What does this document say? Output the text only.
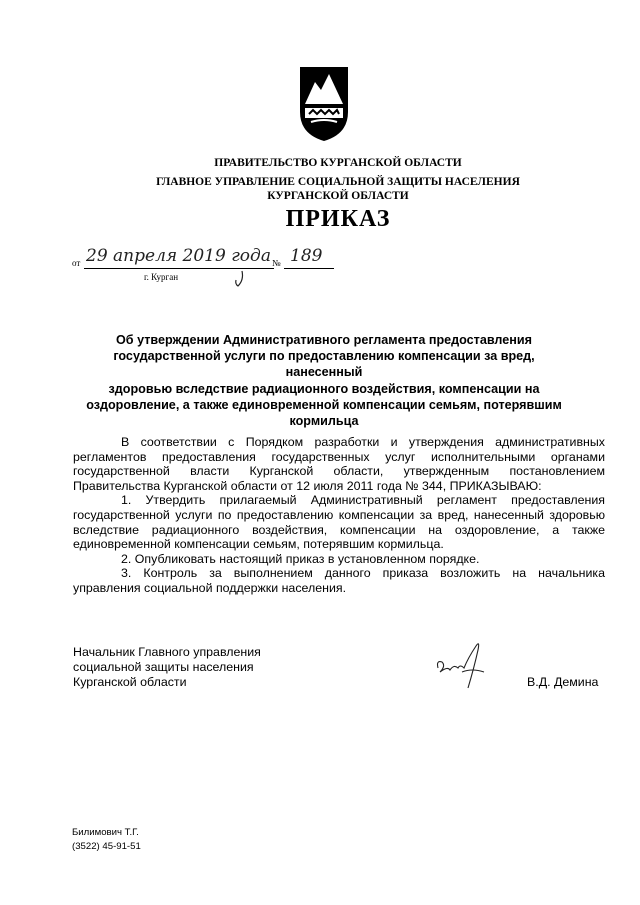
ПРАВИТЕЛЬСТВО КУРГАНСКОЙ ОБЛАСТИ
ГЛАВНОЕ УПРАВЛЕНИЕ СОЦИАЛЬНОЙ ЗАЩИТЫ НАСЕЛЕНИЯ
КУРГАНСКОЙ ОБЛАСТИ
ПРИКАЗ
от 29 апреля 2019 года № 189
г. Курган
Об утверждении Административного регламента предоставления
государственной услуги по предоставлению компенсации за вред, нанесенный
здоровью вследствие радиационного воздействия, компенсации на
оздоровление, а также единовременной компенсации семьям, потерявшим
кормильца

В соответствии с Порядком разработки и утверждения административных регламентов предоставления государственных услуг исполнительными органами государственной власти Курганской области, утвержденным постановлением Правительства Курганской области от 12 июля 2011 года № 344, ПРИКАЗЫВАЮ:

1. Утвердить прилагаемый Административный регламент предоставления государственной услуги по предоставлению компенсации за вред, нанесенный здоровью вследствие радиационного воздействия, компенсации на оздоровление, а также единовременной компенсации семьям, потерявшим кормильца.

2. Опубликовать настоящий приказ в установленном порядке.

3. Контроль за выполнением данного приказа возложить на начальника управления социальной поддержки населения.

Начальник Главного управления
социальной защиты населения
Курганской области	В.Д. Демина
Билимович Т.Г.
(3522) 45-91-51
